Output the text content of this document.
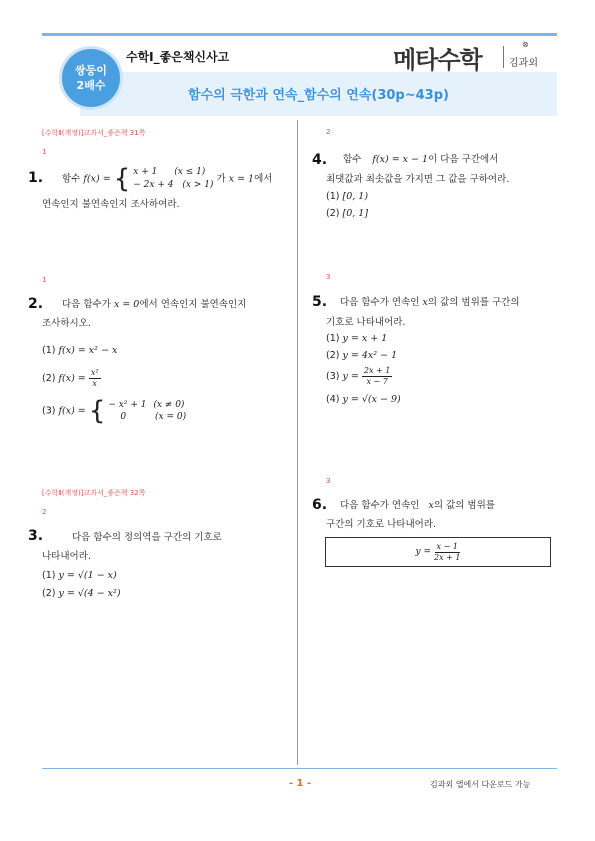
쌍둥이
2배수
수학Ⅰ_좋은책신사고	메타수학
⊗
김과외
함수의 극한과 연속_함수의 연속(30p~43p)
[수학Ⅱ(개정)]교과서_좋은책 31쪽
1
1. 함수 f(x) = { x + 1 (x ≤ 1)
− 2x + 4 (x > 1) 가 x = 1에서
연속인지 불연속인지 조사하여라.
1
2. 다음 함수가 x = 0에서 연속인지 불연속인지
조사하시오.
(1) f(x) = x² − x
(2) $f(x) = \frac{\text{x²}}{x}$
(3) f(x) = { − x² + 1 (x ≠ 0)
0	(x = 0)
[수학Ⅱ(개정)]교과서_좋은책 32쪽
2
3.	다음 함수의 정의역을 구간의 기호로
나타내어라.
(1) y = √(1 − x)
(2) y = √(4 − x²)
2
4. 함수 f(x) = x − 1이 다음 구간에서
최댓값과 최솟값을 가지면 그 값을 구하여라.
(1) [0, 1)
(2) [0, 1]
3
5. 다음 함수가 연속인 x의 값의 범위를 구간의
기호로 나타내어라.
(1) y = x + 1
(2) y = 4x² − 1
(3) $y = \frac{2x + 1}{x - 7}$
(4) y = √(x − 9)
3
6. 다음 함수가 연속인 x의 값의 범위를
구간의 기호로 나타내어라.
$y = \frac{x - 1}{2x + 1}$
- 1 -	김과외 앱에서 다운로드 가능
